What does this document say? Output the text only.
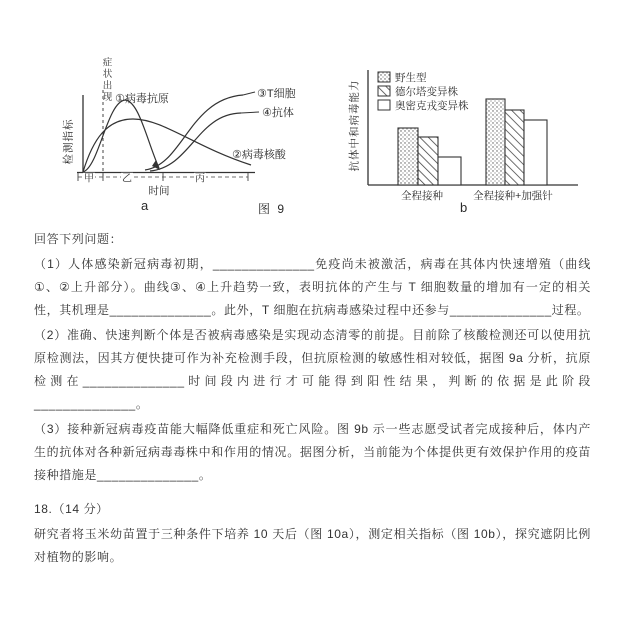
①病毒抗原	③T细胞
④抗体
②病毒核酸
甲	乙	丙
时间
野生型
德尔塔变异株
奥密克戎变异株
全程接种	全程接种+加强针
检测指标
症状出现	抗体中和病毒能力
a	图 9	b

回答下列问题：

（1）人体感染新冠病毒初期，______________免疫尚未被激活，病毒在其体内快速增殖（曲线①、②上升部分）。曲线③、④上升趋势一致，表明抗体的产生与 T 细胞数量的增加有一定的相关性，其机理是______________。此外，T 细胞在抗病毒感染过程中还参与______________过程。

（2）准确、快速判断个体是否被病毒感染是实现动态清零的前提。目前除了核酸检测还可以使用抗原检测法，因其方便快捷可作为补充检测手段，但抗原检测的敏感性相对较低，据图 9a 分析，抗原检测在______________时间段内进行才可能得到阳性结果，判断的依据是此阶段______________。

（3）接种新冠病毒疫苗能大幅降低重症和死亡风险。图 9b 示一些志愿受试者完成接种后，体内产生的抗体对各种新冠病毒毒株中和作用的情况。据图分析，当前能为个体提供更有效保护作用的疫苗接种措施是______________。

18.（14 分）

研究者将玉米幼苗置于三种条件下培养 10 天后（图 10a），测定相关指标（图 10b），探究遮阴比例对植物的影响。
